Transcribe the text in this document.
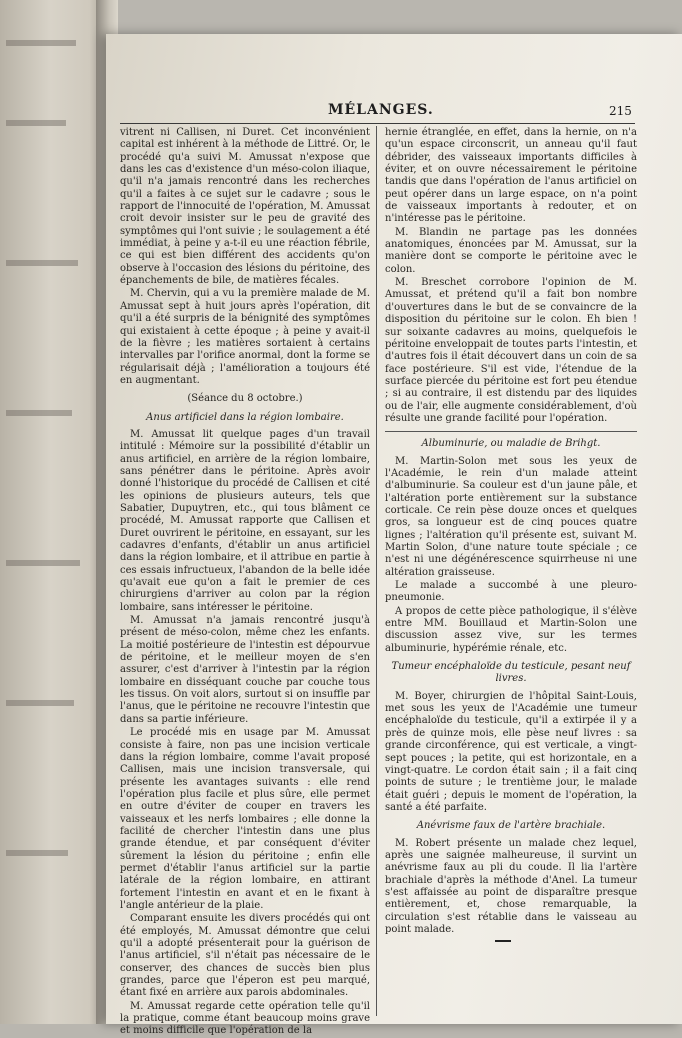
MÉLANGES.	215

vitrent ni Callisen, ni Duret. Cet inconvénient capital est inhérent à la méthode de Littré. Or, le procédé qu'a suivi M. Amussat n'expose que dans les cas d'existence d'un méso-colon iliaque, qu'il n'a jamais rencontré dans les recherches qu'il a faites à ce sujet sur le cadavre ; sous le rapport de l'innocuité de l'opération, M. Amussat croit devoir insister sur le peu de gravité des symptômes qui l'ont suivie ; le soulagement a été immédiat, à peine y a-t-il eu une réaction fébrile, ce qui est bien différent des accidents qu'on observe à l'occasion des lésions du péritoine, des épanchements de bile, de matières fécales.

M. Chervin, qui a vu la première malade de M. Amussat sept à huit jours après l'opération, dit qu'il a été surpris de la bénignité des symptômes qui existaient à cette époque ; à peine y avait-il de la fièvre ; les matières sortaient à certains intervalles par l'orifice anormal, dont la forme se régularisait déjà ; l'amélioration a toujours été en augmentant.

(Séance du 8 octobre.)
Anus artificiel dans la région lombaire.

M. Amussat lit quelque pages d'un travail intitulé : Mémoire sur la possibilité d'établir un anus artificiel, en arrière de la région lombaire, sans pénétrer dans le péritoine. Après avoir donné l'historique du procédé de Callisen et cité les opinions de plusieurs auteurs, tels que Sabatier, Dupuytren, etc., qui tous blâment ce procédé, M. Amussat rapporte que Callisen et Duret ouvrirent le péritoine, en essayant, sur les cadavres d'enfants, d'établir un anus artificiel dans la région lombaire, et il attribue en partie à ces essais infructueux, l'abandon de la belle idée qu'avait eue qu'on a fait le premier de ces chirurgiens d'arriver au colon par la région lombaire, sans intéresser le péritoine.

M. Amussat n'a jamais rencontré jusqu'à présent de méso-colon, même chez les enfants. La moitié postérieure de l'intestin est dépourvue de péritoine, et le meilleur moyen de s'en assurer, c'est d'arriver à l'intestin par la région lombaire en disséquant couche par couche tous les tissus. On voit alors, surtout si on insuffle par l'anus, que le péritoine ne recouvre l'intestin que dans sa partie inférieure.

Le procédé mis en usage par M. Amussat consiste à faire, non pas une incision verticale dans la région lombaire, comme l'avait proposé Callisen, mais une incision transversale, qui présente les avantages suivants : elle rend l'opération plus facile et plus sûre, elle permet en outre d'éviter de couper en travers les vaisseaux et les nerfs lombaires ; elle donne la facilité de chercher l'intestin dans une plus grande étendue, et par conséquent d'éviter sûrement la lésion du péritoine ; enfin elle permet d'établir l'anus artificiel sur la partie latérale de la région lombaire, en attirant fortement l'intestin en avant et en le fixant à l'angle antérieur de la plaie.

Comparant ensuite les divers procédés qui ont été employés, M. Amussat démontre que celui qu'il a adopté présenterait pour la guérison de l'anus artificiel, s'il n'était pas nécessaire de le conserver, des chances de succès bien plus grandes, parce que l'éperon est peu marqué, étant fixé en arrière aux parois abdominales.

M. Amussat regarde cette opération telle qu'il la pratique, comme étant beaucoup moins grave et moins difficile que l'opération de la

hernie étranglée, en effet, dans la hernie, on n'a qu'un espace circonscrit, un anneau qu'il faut débrider, des vaisseaux importants difficiles à éviter, et on ouvre nécessairement le péritoine tandis que dans l'opération de l'anus artificiel on peut opérer dans un large espace, on n'a point de vaisseaux importants à redouter, et on n'intéresse pas le péritoine.

M. Blandin ne partage pas les données anatomiques, énoncées par M. Amussat, sur la manière dont se comporte le péritoine avec le colon.

M. Breschet corrobore l'opinion de M. Amussat, et prétend qu'il a fait bon nombre d'ouvertures dans le but de se convaincre de la disposition du péritoine sur le colon. Eh bien ! sur soixante cadavres au moins, quelquefois le péritoine enveloppait de toutes parts l'intestin, et d'autres fois il était découvert dans un coin de sa face postérieure. S'il est vide, l'étendue de la surface piercée du péritoine est fort peu étendue ; si au contraire, il est distendu par des liquides ou de l'air, elle augmente considérablement, d'où résulte une grande facilité pour l'opération.

Albuminurie, ou maladie de Brihgt.

M. Martin-Solon met sous les yeux de l'Académie, le rein d'un malade atteint d'albuminurie. Sa couleur est d'un jaune pâle, et l'altération porte entièrement sur la substance corticale. Ce rein pèse douze onces et quelques gros, sa longueur est de cinq pouces quatre lignes ; l'altération qu'il présente est, suivant M. Martin Solon, d'une nature toute spéciale ; ce n'est ni une dégénérescence squirrheuse ni une altération graisseuse.

Le malade a succombé à une pleuro-pneumonie.

A propos de cette pièce pathologique, il s'élève entre MM. Bouillaud et Martin-Solon une discussion assez vive, sur les termes albuminurie, hypérémie rénale, etc.

Tumeur encéphaloïde du testicule, pesant neuf livres.

M. Boyer, chirurgien de l'hôpital Saint-Louis, met sous les yeux de l'Académie une tumeur encéphaloïde du testicule, qu'il a extirpée il y a près de quinze mois, elle pèse neuf livres : sa grande circonférence, qui est verticale, a vingt-sept pouces ; la petite, qui est horizontale, en a vingt-quatre. Le cordon était sain ; il a fait cinq points de suture ; le trentième jour, le malade était guéri ; depuis le moment de l'opération, la santé a été parfaite.

Anévrisme faux de l'artère brachiale.

M. Robert présente un malade chez lequel, après une saignée malheureuse, il survint un anévrisme faux au pli du coude. Il lia l'artère brachiale d'après la méthode d'Anel. La tumeur s'est affaissée au point de disparaître presque entièrement, et, chose remarquable, la circulation s'est rétablie dans le vaisseau au point malade.
